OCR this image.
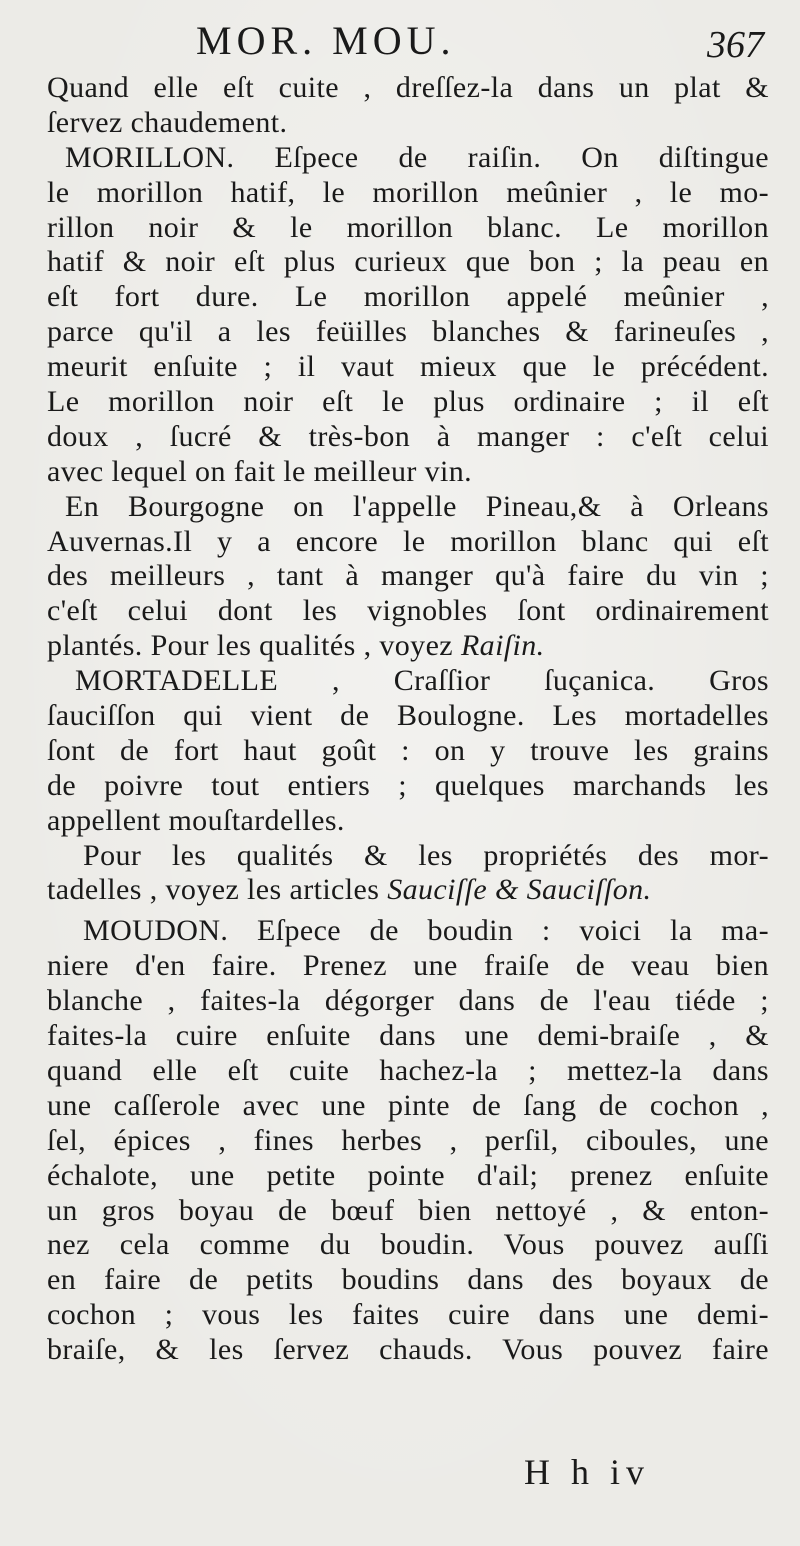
MOR. MOU.	367
Quand elle eſt cuite , dreſſez-la dans un plat &
ſervez chaudement.
MORILLON. Eſpece de raiſin. On diſtingue
le morillon hatif, le morillon meûnier , le mo-
rillon noir & le morillon blanc. Le morillon
hatif & noir eſt plus curieux que bon ; la peau en
eſt fort dure. Le morillon appelé meûnier ,
parce qu'il a les feüilles blanches & farineuſes ,
meurit enſuite ; il vaut mieux que le précédent.
Le morillon noir eſt le plus ordinaire ; il eſt
doux , ſucré & très-bon à manger : c'eſt celui
avec lequel on fait le meilleur vin.
En Bourgogne on l'appelle Pineau,& à Orleans
Auvernas.Il y a encore le morillon blanc qui eſt
des meilleurs , tant à manger qu'à faire du vin ;
c'eſt celui dont les vignobles ſont ordinairement
plantés. Pour les qualités , voyez Raiſin.
MORTADELLE , Craſſior ſuçanica. Gros
ſauciſſon qui vient de Boulogne. Les mortadelles
ſont de fort haut goût : on y trouve les grains
de poivre tout entiers ; quelques marchands les
appellent mouſtardelles.
Pour les qualités & les propriétés des mor-
tadelles , voyez les articles Sauciſſe & Sauciſſon.
MOUDON. Eſpece de boudin : voici la ma-
niere d'en faire. Prenez une fraiſe de veau bien
blanche , faites-la dégorger dans de l'eau tiéde ;
faites-la cuire enſuite dans une demi-braiſe , &
quand elle eſt cuite hachez-la ; mettez-la dans
une caſſerole avec une pinte de ſang de cochon ,
ſel, épices , fines herbes , perſil, ciboules, une
échalote, une petite pointe d'ail; prenez enſuite
un gros boyau de bœuf bien nettoyé , & enton-
nez cela comme du boudin. Vous pouvez auſſi
en faire de petits boudins dans des boyaux de
cochon ; vous les faites cuire dans une demi-
braiſe, & les ſervez chauds. Vous pouvez faire
H h iv
